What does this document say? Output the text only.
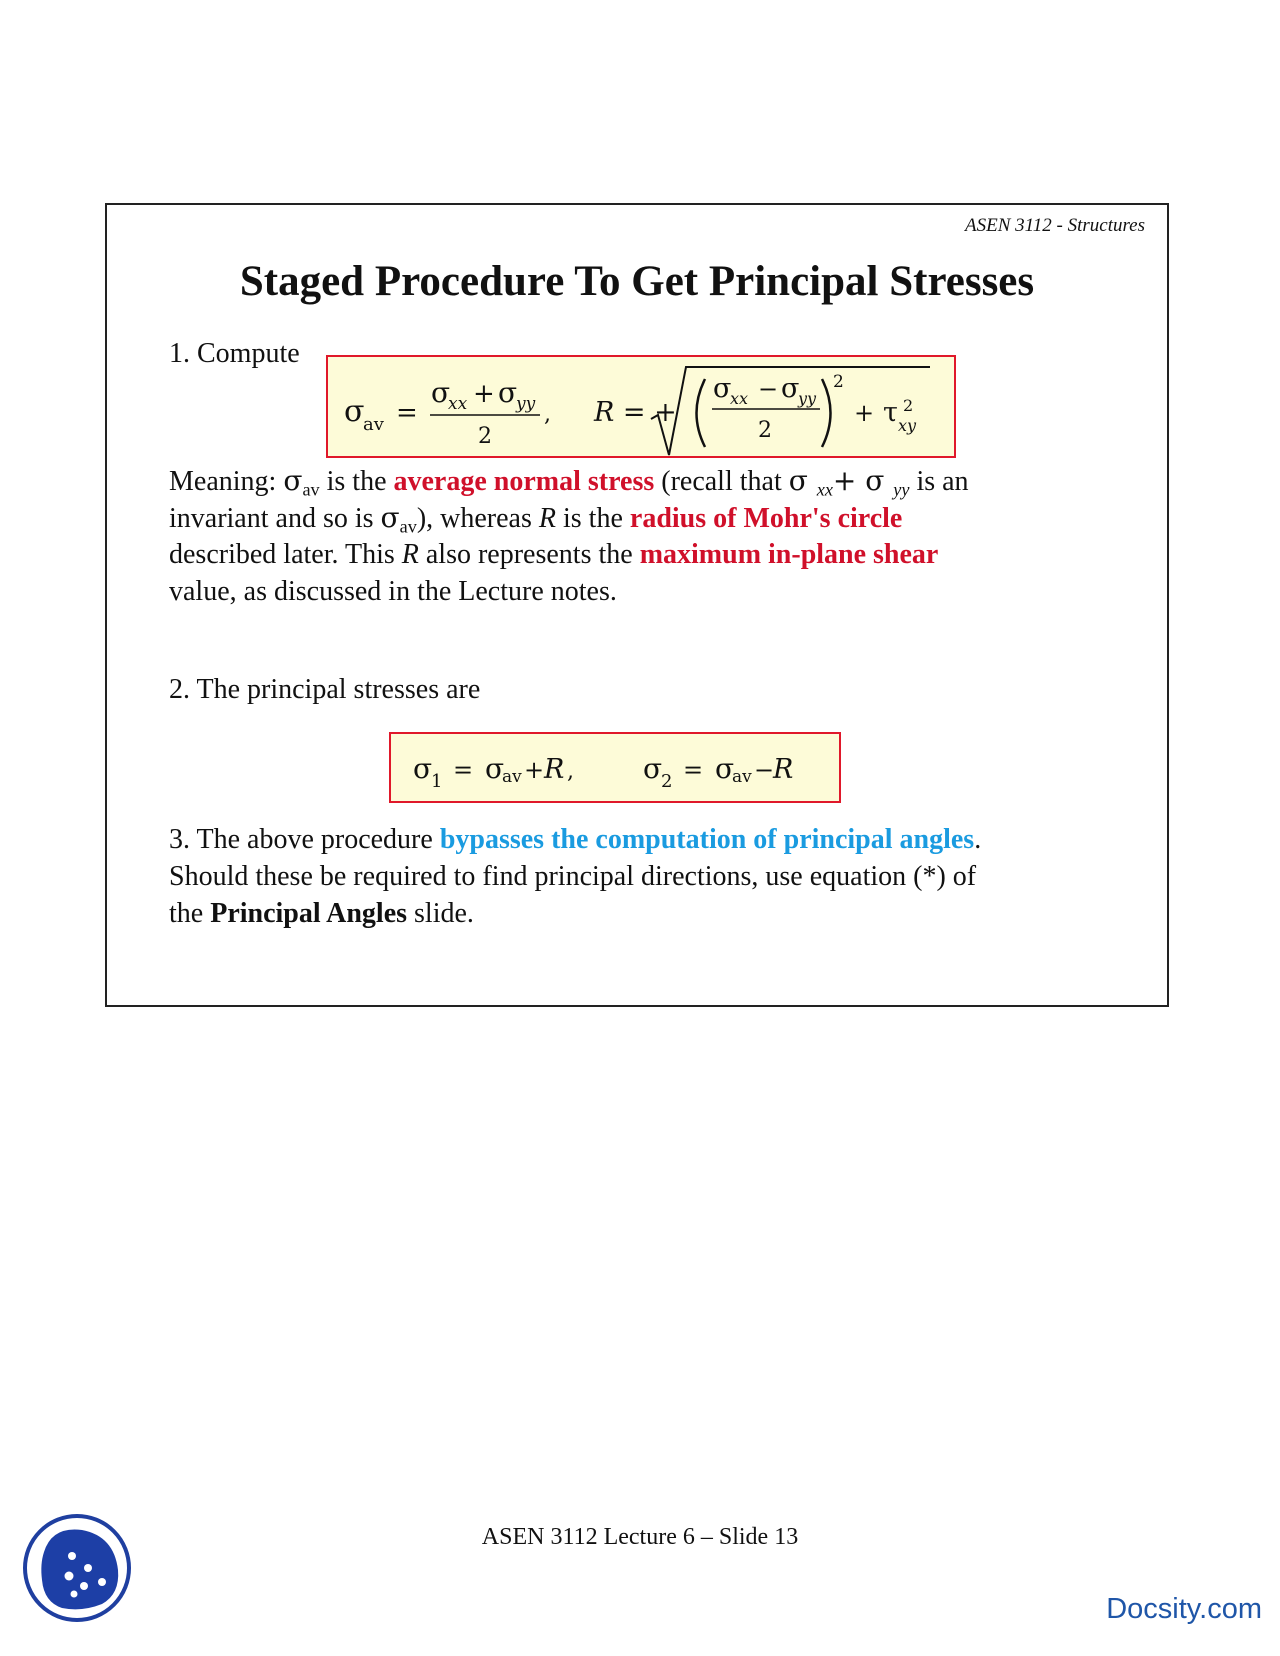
ASEN 3112 - Structures
Staged Procedure To Get Principal Stresses
1. Compute
σ
av =
σ
xx + σ
yy
2
, R = +
σ
xx − σ
yy
2
2
+ τ 2
xy
Meaning: $\sigma_{av}$ is the average normal stress (recall that σ $_{xx}$+ σ $_{yy}$ is an
invariant and so is $\sigma_{av}$), whereas R is the radius of Mohr's circle
described later. This R also represents the maximum in-plane shear
value, as discussed in the Lecture notes.
2. The principal stresses are
σ
1 = σ
av + R , σ
2 = σ
av −
R
3. The above procedure bypasses the computation of principal angles.
Should these be required to find principal directions, use equation (*) of
the Principal Angles slide.
ASEN 3112 Lecture 6 – Slide 13
Docsity.com
